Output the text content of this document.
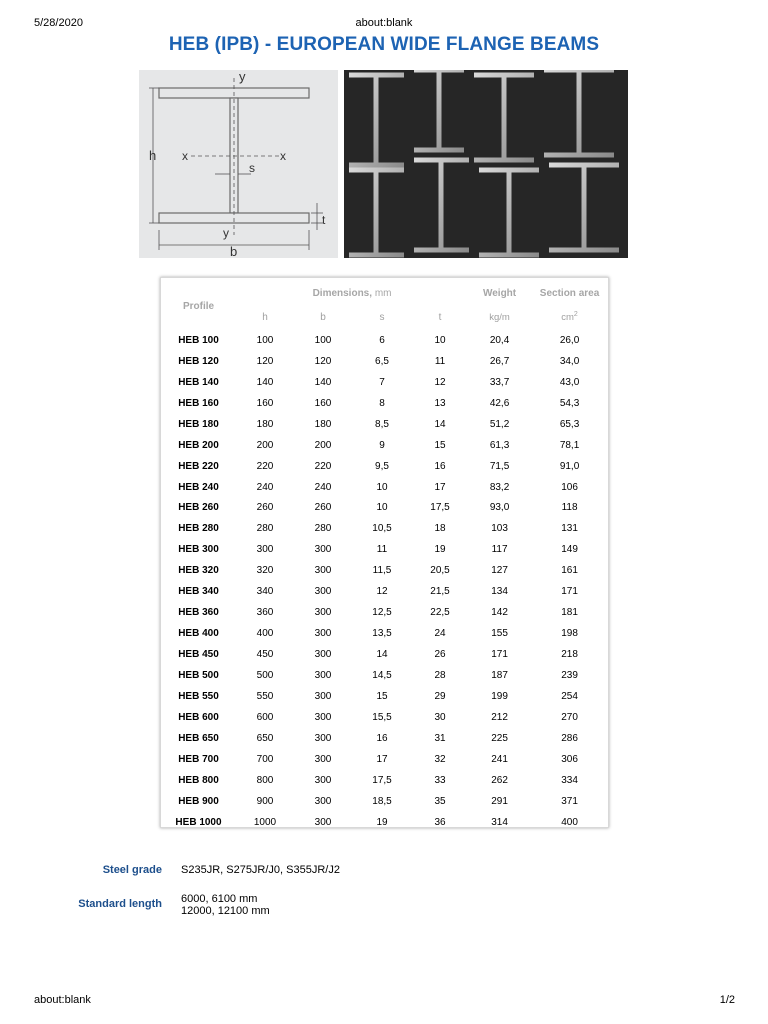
5/28/2020	about:blank
HEB (IPB) - EUROPEAN WIDE FLANGE BEAMS
y
h x	x
s
t
y
b
Profile	Dimensions, mm				Weight	Section area
	h	b	s	t	kg/m	$cm^2$
HEB 100	100	100	6	10	20,4	26,0
HEB 120	120	120	6,5	11	26,7	34,0
HEB 140	140	140	7	12	33,7	43,0
HEB 160	160	160	8	13	42,6	54,3
HEB 180	180	180	8,5	14	51,2	65,3
HEB 200	200	200	9	15	61,3	78,1
HEB 220	220	220	9,5	16	71,5	91,0
HEB 240	240	240	10	17	83,2	106
HEB 260	260	260	10	17,5	93,0	118
HEB 280	280	280	10,5	18	103	131
HEB 300	300	300	11	19	117	149
HEB 320	320	300	11,5	20,5	127	161
HEB 340	340	300	12	21,5	134	171
HEB 360	360	300	12,5	22,5	142	181
HEB 400	400	300	13,5	24	155	198
HEB 450	450	300	14	26	171	218
HEB 500	500	300	14,5	28	187	239
HEB 550	550	300	15	29	199	254
HEB 600	600	300	15,5	30	212	270
HEB 650	650	300	16	31	225	286
HEB 700	700	300	17	32	241	306
HEB 800	800	300	17,5	33	262	334
HEB 900	900	300	18,5	35	291	371
HEB 1000	1000	300	19	36	314	400
Steel grade S235JR, S275JR/J0, S355JR/J2
Standard length 6000, 6100 mm
12000, 12100 mm
about:blank	1/2
